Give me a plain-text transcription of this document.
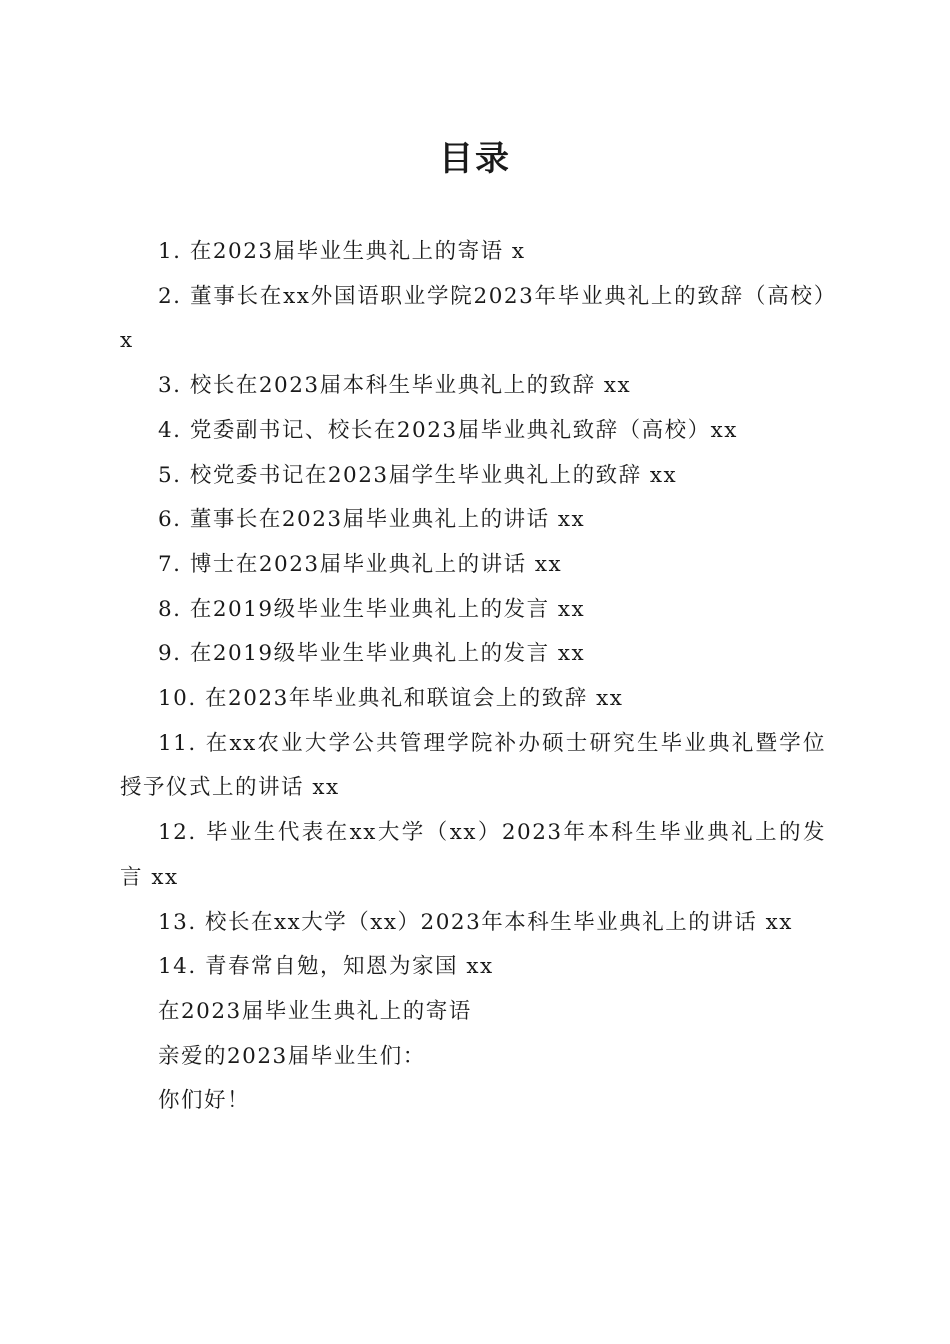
目录

1. 在2023届毕业生典礼上的寄语 x

2. 董事长在xx外国语职业学院2023年毕业典礼上的致辞（高校）x

3. 校长在2023届本科生毕业典礼上的致辞 xx

4. 党委副书记、校长在2023届毕业典礼致辞（高校）xx

5. 校党委书记在2023届学生毕业典礼上的致辞 xx

6. 董事长在2023届毕业典礼上的讲话 xx

7. 博士在2023届毕业典礼上的讲话 xx

8. 在2019级毕业生毕业典礼上的发言 xx

9. 在2019级毕业生毕业典礼上的发言 xx

10. 在2023年毕业典礼和联谊会上的致辞 xx

11. 在xx农业大学公共管理学院补办硕士研究生毕业典礼暨学位授予仪式上的讲话 xx

12. 毕业生代表在xx大学（xx）2023年本科生毕业典礼上的发言 xx

13. 校长在xx大学（xx）2023年本科生毕业典礼上的讲话 xx

14. 青春常自勉，知恩为家国 xx

在2023届毕业生典礼上的寄语

亲爱的2023届毕业生们：

你们好！
